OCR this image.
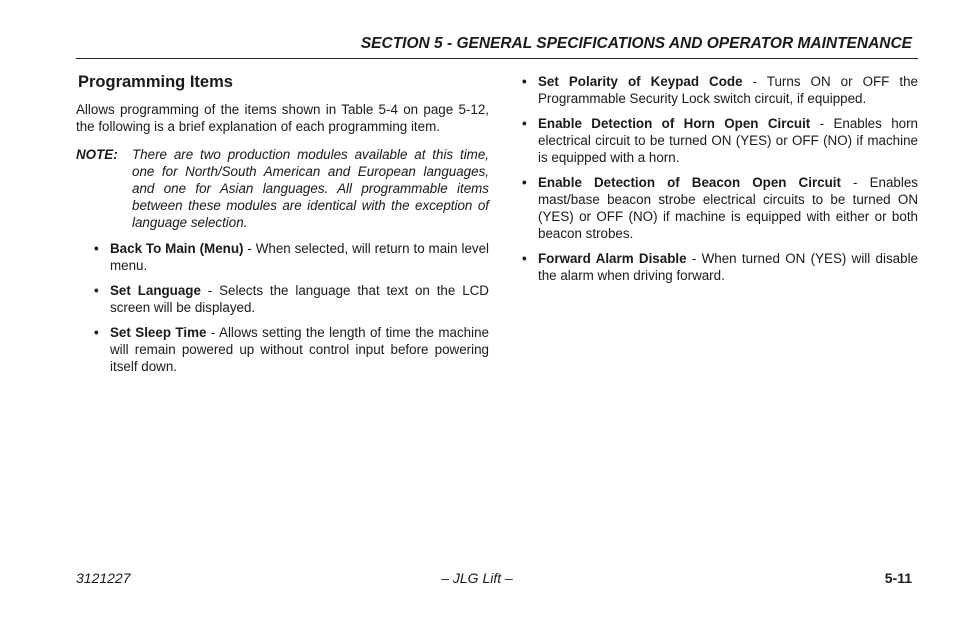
SECTION 5 - GENERAL SPECIFICATIONS AND OPERATOR MAINTENANCE
Programming Items
Allows programming of the items shown in Table 5-4 on page 5-12, the following is a brief explanation of each programming item.
NOTE:	There are two production modules available at this time, one for North/South American and European languages, and one for Asian languages. All programmable items between these modules are identical with the exception of language selection.
• Back To Main (Menu) - When selected, will return to main level menu.
• Set Language - Selects the language that text on the LCD screen will be displayed.
• Set Sleep Time - Allows setting the length of time the machine will remain powered up without control input before powering itself down.
• Set Polarity of Keypad Code - Turns ON or OFF the Programmable Security Lock switch circuit, if equipped.
• Enable Detection of Horn Open Circuit - Enables horn electrical circuit to be turned ON (YES) or OFF (NO) if machine is equipped with a horn.
• Enable Detection of Beacon Open Circuit - Enables mast/base beacon strobe electrical circuits to be turned ON (YES) or OFF (NO) if machine is equipped with either or both beacon strobes.
• Forward Alarm Disable - When turned ON (YES) will disable the alarm when driving forward.
3121227	– JLG Lift –	5-11
